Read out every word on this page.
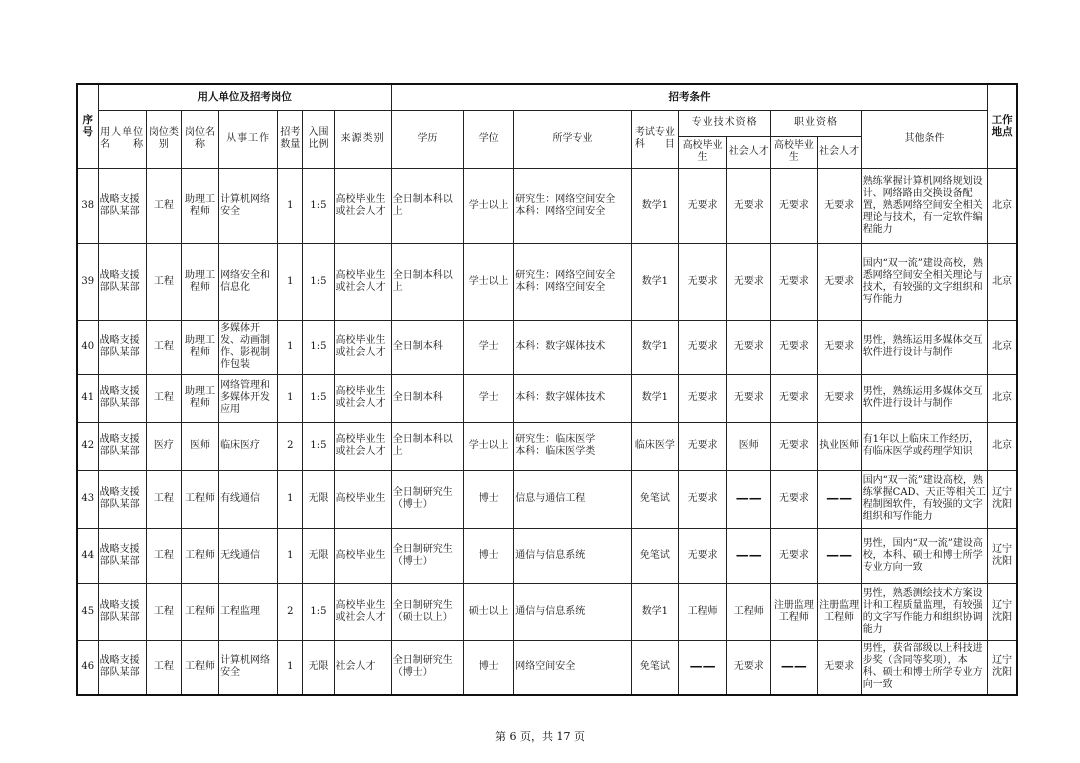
序号	用人单位及招考岗位							招考条件									工作地点
	用人单位名　　称	岗位类别	岗位名称	从事工作	招考数量	入围比例	来源类别	学历	学位	所学专业	考试专业科　　目	专业技术资格		职业资格		其他条件	
												高校毕业生	社会人才	高校毕业生	社会人才		
38	战略支援部队某部	工程	助理工程师	计算机网络安全	1	1:5	高校毕业生或社会人才	全日制本科以上	学士以上	研究生：网络空间安全
本科：网络空间安全	数学1	无要求	无要求	无要求	无要求	熟练掌握计算机网络规划设计、网络路由交换设备配置，熟悉网络空间安全相关理论与技术，有一定软件编程能力	北京
39	战略支援部队某部	工程	助理工程师	网络安全和信息化	1	1:5	高校毕业生或社会人才	全日制本科以上	学士以上	研究生：网络空间安全
本科：网络空间安全	数学1	无要求	无要求	无要求	无要求	国内“双一流”建设高校，熟悉网络空间安全相关理论与技术，有较强的文字组织和写作能力	北京
40	战略支援部队某部	工程	助理工程师	多媒体开发、动画制作、影视制作包装	1	1:5	高校毕业生或社会人才	全日制本科	学士	本科：数字媒体技术	数学1	无要求	无要求	无要求	无要求	男性，熟练运用多媒体交互软件进行设计与制作	北京
41	战略支援部队某部	工程	助理工程师	网络管理和多媒体开发应用	1	1:5	高校毕业生或社会人才	全日制本科	学士	本科：数字媒体技术	数学1	无要求	无要求	无要求	无要求	男性，熟练运用多媒体交互软件进行设计与制作	北京
42	战略支援部队某部	医疗	医师	临床医疗	2	1:5	高校毕业生或社会人才	全日制本科以上	学士以上	研究生：临床医学
本科：临床医学类	临床医学	无要求	医师	无要求	执业医师	有1年以上临床工作经历，有临床医学或药理学知识	北京
43	战略支援部队某部	工程	工程师	有线通信	1	无限	高校毕业生	全日制研究生（博士）	博士	信息与通信工程	免笔试	无要求	——	无要求	——	国内“双一流”建设高校，熟练掌握CAD、天正等相关工程制图软件，有较强的文字组织和写作能力	辽宁沈阳
44	战略支援部队某部	工程	工程师	无线通信	1	无限	高校毕业生	全日制研究生（博士）	博士	通信与信息系统	免笔试	无要求	——	无要求	——	男性，国内“双一流”建设高校，本科、硕士和博士所学专业方向一致	辽宁沈阳
45	战略支援部队某部	工程	工程师	工程监理	2	1:5	高校毕业生或社会人才	全日制研究生（硕士以上）	硕士以上	通信与信息系统	数学1	工程师	工程师	注册监理工程师	注册监理工程师	男性，熟悉测绘技术方案设计和工程质量监理，有较强的文字写作能力和组织协调能力	辽宁沈阳
46	战略支援部队某部	工程	工程师	计算机网络安全	1	无限	社会人才	全日制研究生（博士）	博士	网络空间安全	免笔试	——	无要求	——	无要求	男性，获省部级以上科技进步奖（含同等奖项），本科、硕士和博士所学专业方向一致	辽宁沈阳
第 6 页，共 17 页
